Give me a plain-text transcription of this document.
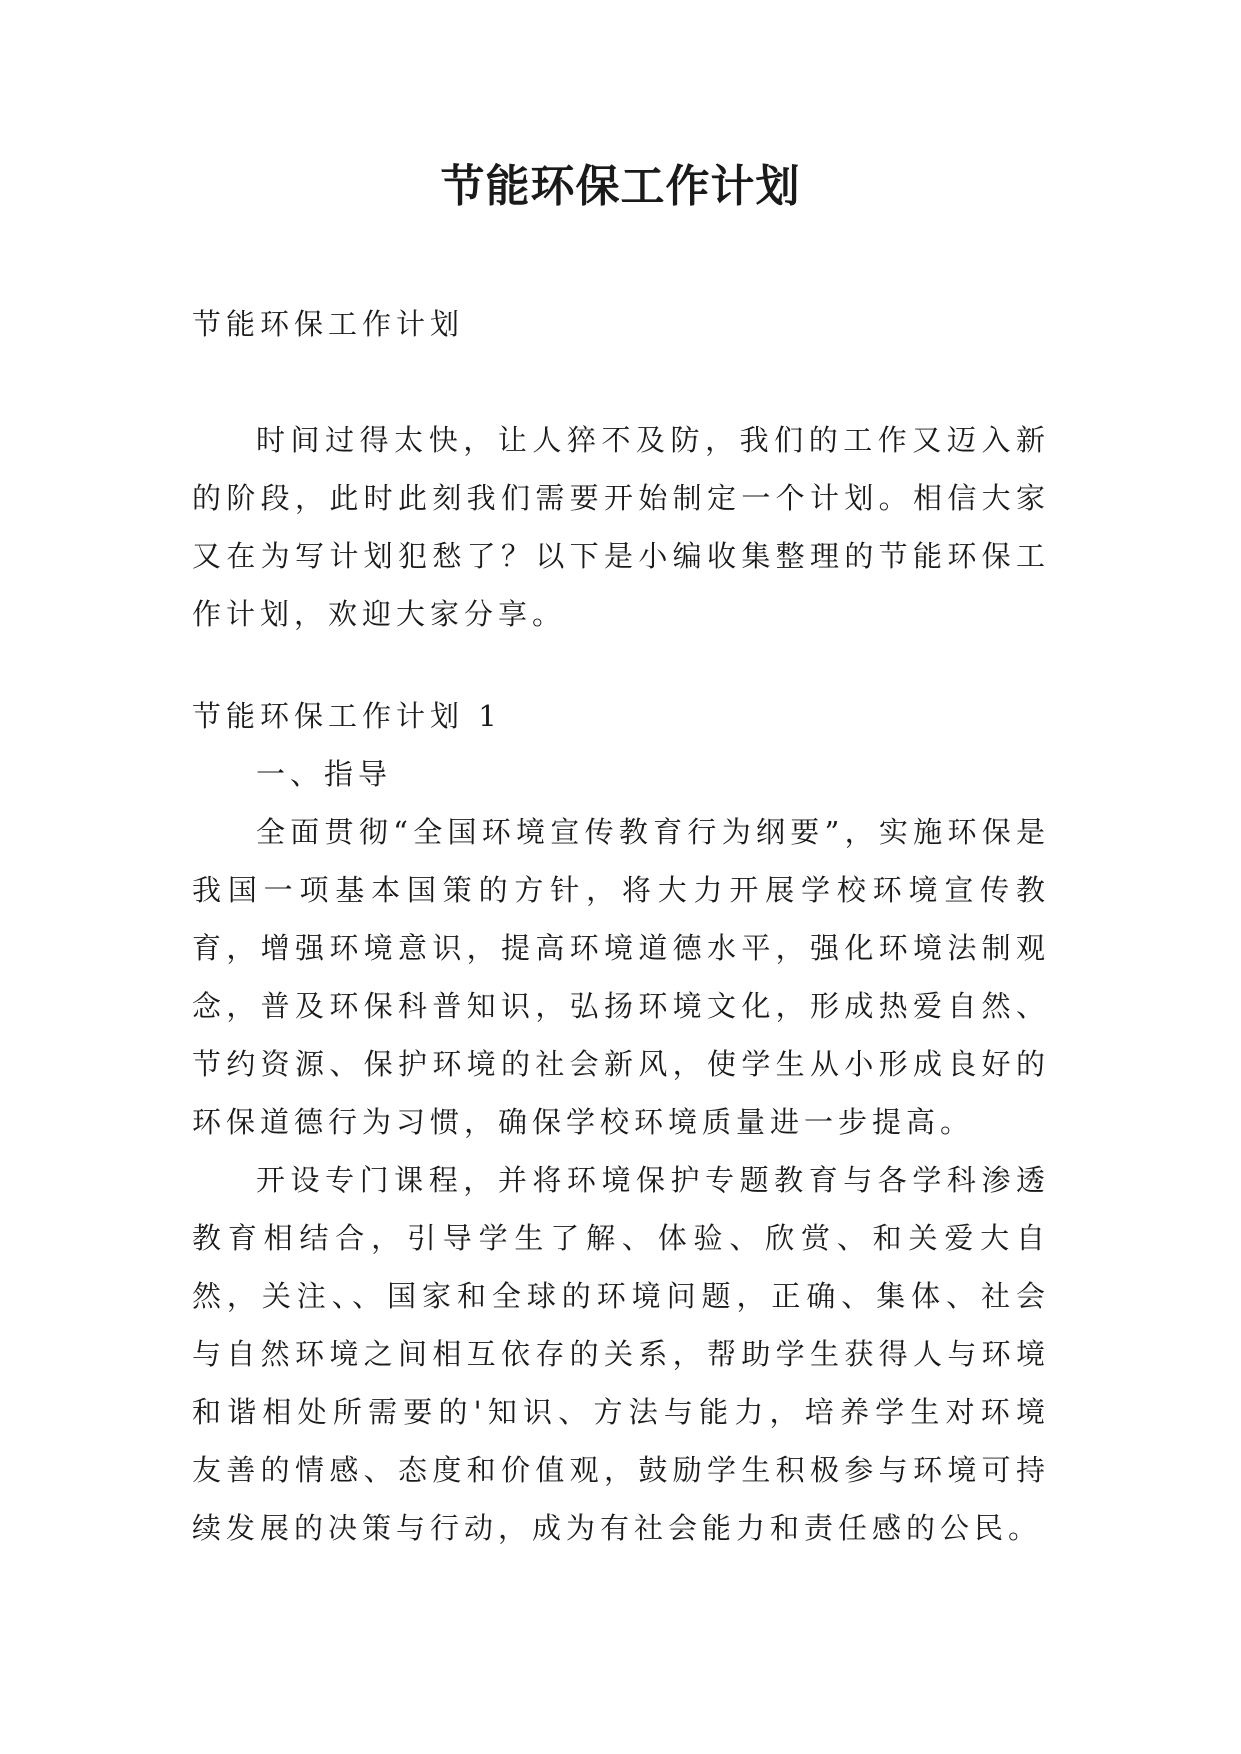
节能环保工作计划

节能环保工作计划

时间过得太快，让人猝不及防，我们的工作又迈入新的阶段，此时此刻我们需要开始制定一个计划。相信大家又在为写计划犯愁了？以下是小编收集整理的节能环保工作计划，欢迎大家分享。

节能环保工作计划 1

一、指导

全面贯彻“全国环境宣传教育行为纲要”，实施环保是我国一项基本国策的方针，将大力开展学校环境宣传教育，增强环境意识，提高环境道德水平，强化环境法制观念，普及环保科普知识，弘扬环境文化，形成热爱自然、节约资源、保护环境的社会新风，使学生从小形成良好的环保道德行为习惯，确保学校环境质量进一步提高。

开设专门课程，并将环境保护专题教育与各学科渗透教育相结合，引导学生了解、体验、欣赏、和关爱大自然，关注、、国家和全球的环境问题，正确、集体、社会与自然环境之间相互依存的关系，帮助学生获得人与环境和谐相处所需要的'知识、方法与能力，培养学生对环境友善的情感、态度和价值观，鼓励学生积极参与环境可持续发展的决策与行动，成为有社会能力和责任感的公民。
